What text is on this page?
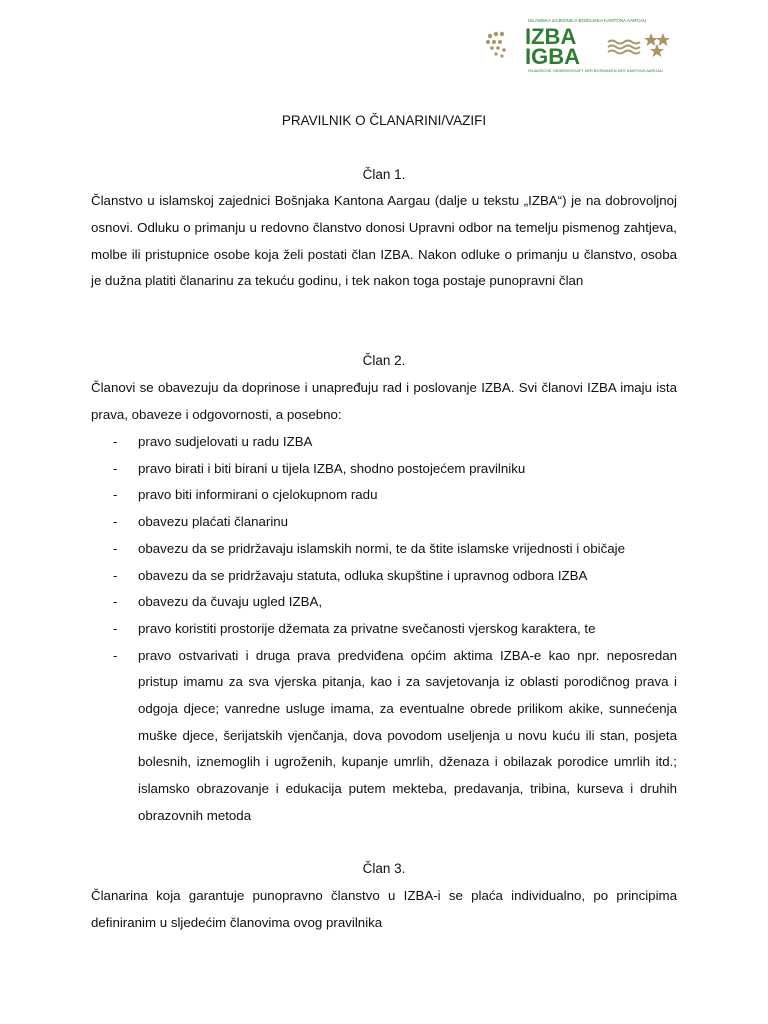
ISLAMSKA ZAJEDNICA BOŠNJAKA KANTONA AARGAU
IZBA
IGBA
ISLAMISCHE GEMEINSCHAFT DER BOSNIAKEN DES KANTONS AARGAU
PRAVILNIK O ČLANARINI/VAZIFI
Član 1.

Članstvo u islamskoj zajednici Bošnjaka Kantona Aargau (dalje u tekstu „IZBA“) je na dobrovoljnoj osnovi. Odluku o primanju u redovno članstvo donosi Upravni odbor na temelju pismenog zahtjeva, molbe ili pristupnice osobe koja želi postati član IZBA. Nakon odluke o primanju u članstvo, osoba je dužna platiti članarinu za tekuću godinu, i tek nakon toga postaje punopravni član

Član 2.

Članovi se obavezuju da doprinose i unapređuju rad i poslovanje IZBA. Svi članovi IZBA imaju ista prava, obaveze i odgovornosti, a posebno:

- pravo sudjelovati u radu IZBA
- pravo birati i biti birani u tijela IZBA, shodno postojećem pravilniku
- pravo biti informirani o cjelokupnom radu
- obavezu plaćati članarinu
- obavezu da se pridržavaju islamskih normi, te da štite islamske vrijednosti i običaje
- obavezu da se pridržavaju statuta, odluka skupštine i upravnog odbora IZBA
- obavezu da čuvaju ugled IZBA,
- pravo koristiti prostorije džemata za privatne svečanosti vjerskog karaktera, te
- pravo ostvarivati i druga prava predviđena općim aktima IZBA-e kao npr. neposredan pristup imamu za sva vjerska pitanja, kao i za savjetovanja iz oblasti porodičnog prava i odgoja djece; vanredne usluge imama, za eventualne obrede prilikom akike, sunnećenja muške djece, šerijatskih vjenčanja, dova povodom useljenja u novu kuću ili stan, posjeta bolesnih, iznemoglih i ugroženih, kupanje umrlih, dženaza i obilazak porodice umrlih itd.; islamsko obrazovanje i edukacija putem mekteba, predavanja, tribina, kurseva i druhih obrazovnih metoda
Član 3.

Članarina koja garantuje punopravno članstvo u IZBA-i se plaća individualno, po principima definiranim u sljedećim članovima ovog pravilnika
